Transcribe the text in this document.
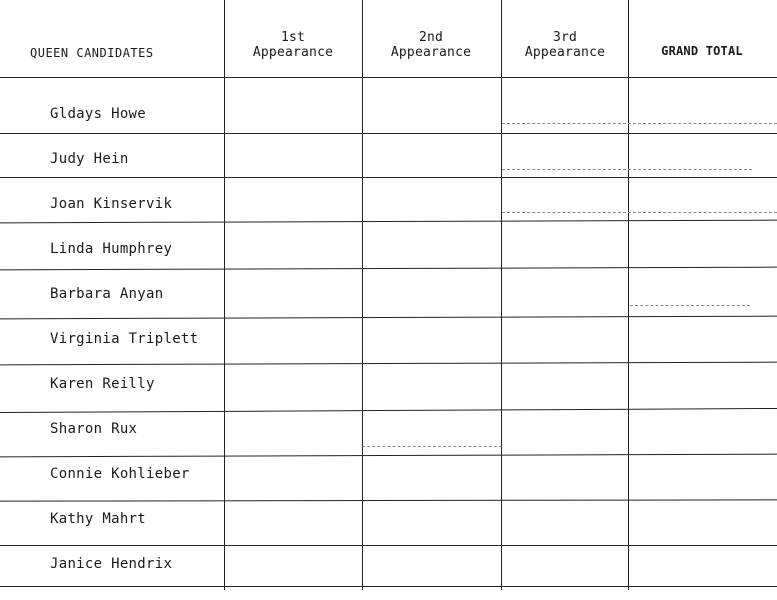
QUEEN CANDIDATES
1st
Appearance
2nd
Appearance
3rd
Appearance	GRAND TOTAL
Gldays Howe
Judy Hein
Joan Kinservik
Linda Humphrey
Barbara Anyan
Virginia Triplett
Karen Reilly
Sharon Rux
Connie Kohlieber
Kathy Mahrt
Janice Hendrix
